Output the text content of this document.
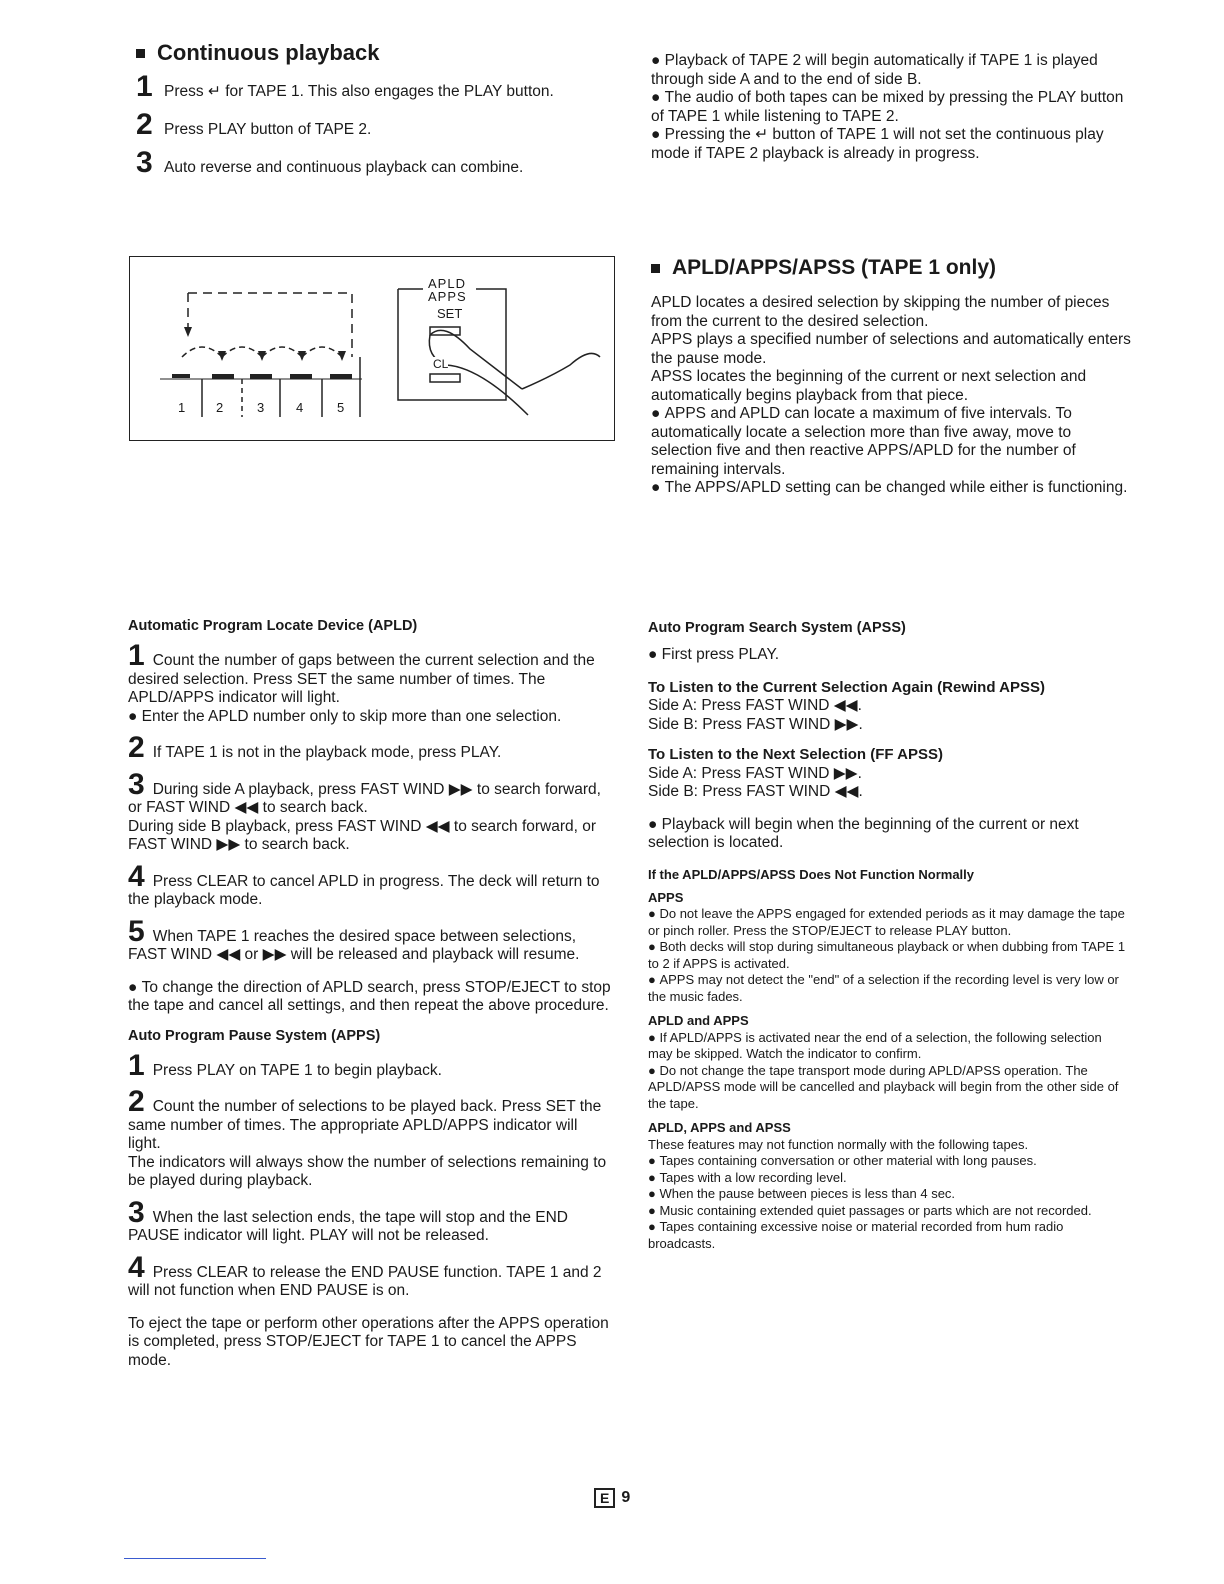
Continuous playback
1 Press ↵ for TAPE 1. This also engages the PLAY button.
2 Press PLAY button of TAPE 2.
3 Auto reverse and continuous playback can combine.

● Playback of TAPE 2 will begin automatically if TAPE 1 is played through side A and to the end of side B.

● The audio of both tapes can be mixed by pressing the PLAY button of TAPE 1 while listening to TAPE 2.

● Pressing the ↵ button of TAPE 1 will not set the continuous play mode if TAPE 2 playback is already in progress.

APLD
APPS
SET
CL
1 2	3 4	5
APLD/APPS/APSS (TAPE 1 only)

APLD locates a desired selection by skipping the number of pieces from the current to the desired selection.

APPS plays a specified number of selections and automatically enters the pause mode.

APSS locates the beginning of the current or next selection and automatically begins playback from that piece.

● APPS and APLD can locate a maximum of five intervals. To automatically locate a selection more than five away, move to selection five and then reactive APPS/APLD for the number of remaining intervals.

● The APPS/APLD setting can be changed while either is functioning.

Automatic Program Locate Device (APLD)

1 Count the number of gaps between the current selection and the desired selection. Press SET the same number of times. The APLD/APPS indicator will light.

● Enter the APLD number only to skip more than one selection.

2 If TAPE 1 is not in the playback mode, press PLAY.

3 During side A playback, press FAST WIND ▶▶ to search forward, or FAST WIND ◀◀ to search back.

During side B playback, press FAST WIND ◀◀ to search forward, or FAST WIND ▶▶ to search back.

4 Press CLEAR to cancel APLD in progress. The deck will return to the playback mode.

5 When TAPE 1 reaches the desired space between selections, FAST WIND ◀◀ or ▶▶ will be released and playback will resume.

● To change the direction of APLD search, press STOP/EJECT to stop the tape and cancel all settings, and then repeat the above procedure.

Auto Program Pause System (APPS)

1 Press PLAY on TAPE 1 to begin playback.

2 Count the number of selections to be played back. Press SET the same number of times. The appropriate APLD/APPS indicator will light.

The indicators will always show the number of selections remaining to be played during playback.

3 When the last selection ends, the tape will stop and the END PAUSE indicator will light. PLAY will not be released.

4 Press CLEAR to release the END PAUSE function. TAPE 1 and 2 will not function when END PAUSE is on.

To eject the tape or perform other operations after the APPS operation is completed, press STOP/EJECT for TAPE 1 to cancel the APPS mode.

Auto Program Search System (APSS)

● First press PLAY.

To Listen to the Current Selection Again (Rewind APSS)

Side A: Press FAST WIND ◀◀.

Side B: Press FAST WIND ▶▶.

To Listen to the Next Selection (FF APSS)

Side A: Press FAST WIND ▶▶.

Side B: Press FAST WIND ◀◀.

● Playback will begin when the beginning of the current or next selection is located.

If the APLD/APPS/APSS Does Not Function Normally

APPS

● Do not leave the APPS engaged for extended periods as it may damage the tape or pinch roller. Press the STOP/EJECT to release PLAY button.

● Both decks will stop during simultaneous playback or when dubbing from TAPE 1 to 2 if APPS is activated.

● APPS may not detect the "end" of a selection if the recording level is very low or the music fades.

APLD and APPS

● If APLD/APPS is activated near the end of a selection, the following selection may be skipped. Watch the indicator to confirm.

● Do not change the tape transport mode during APLD/APSS operation. The APLD/APSS mode will be cancelled and playback will begin from the other side of the tape.

APLD, APPS and APSS

These features may not function normally with the following tapes.

● Tapes containing conversation or other material with long pauses.

● Tapes with a low recording level.

● When the pause between pieces is less than 4 sec.

● Music containing extended quiet passages or parts which are not recorded.

● Tapes containing excessive noise or material recorded from hum radio broadcasts.

E 9
